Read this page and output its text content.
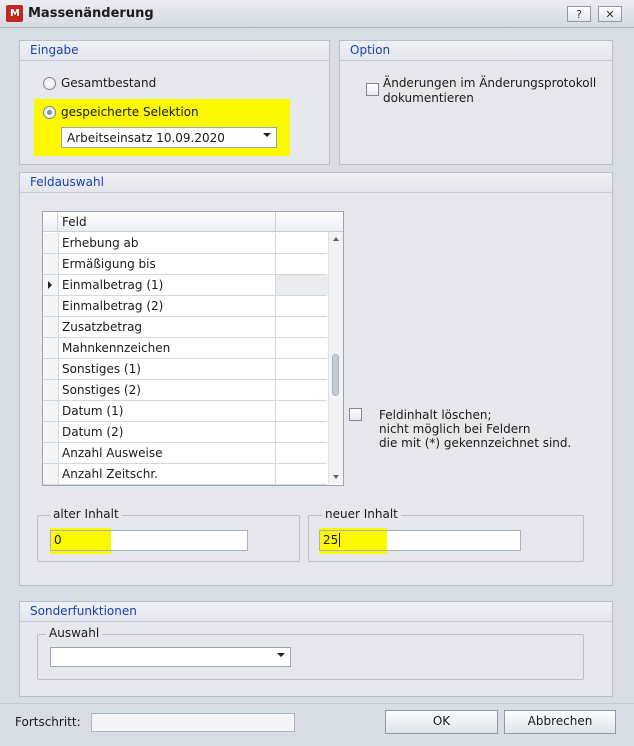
M Massenänderung	?	✕
Eingabe
Gesamtbestand
gespeicherte Selektion
Arbeitseinsatz 10.09.2020
Option
Änderungen im Änderungsprotokoll
dokumentieren
Feldauswahl
Feld
Erhebung ab
Ermäßigung bis
Einmalbetrag (1)
Einmalbetrag (2)
Zusatzbetrag
Mahnkennzeichen
Sonstiges (1)
Sonstiges (2)
Datum (1)
Datum (2)
Anzahl Ausweise
Anzahl Zeitschr.
Feldinhalt löschen;
nicht möglich bei Feldern
die mit (*) gekennzeichnet sind.
alter Inhalt
0
neuer Inhalt
25
Sonderfunktionen
Auswahl
Fortschritt:	OK	Abbrechen
